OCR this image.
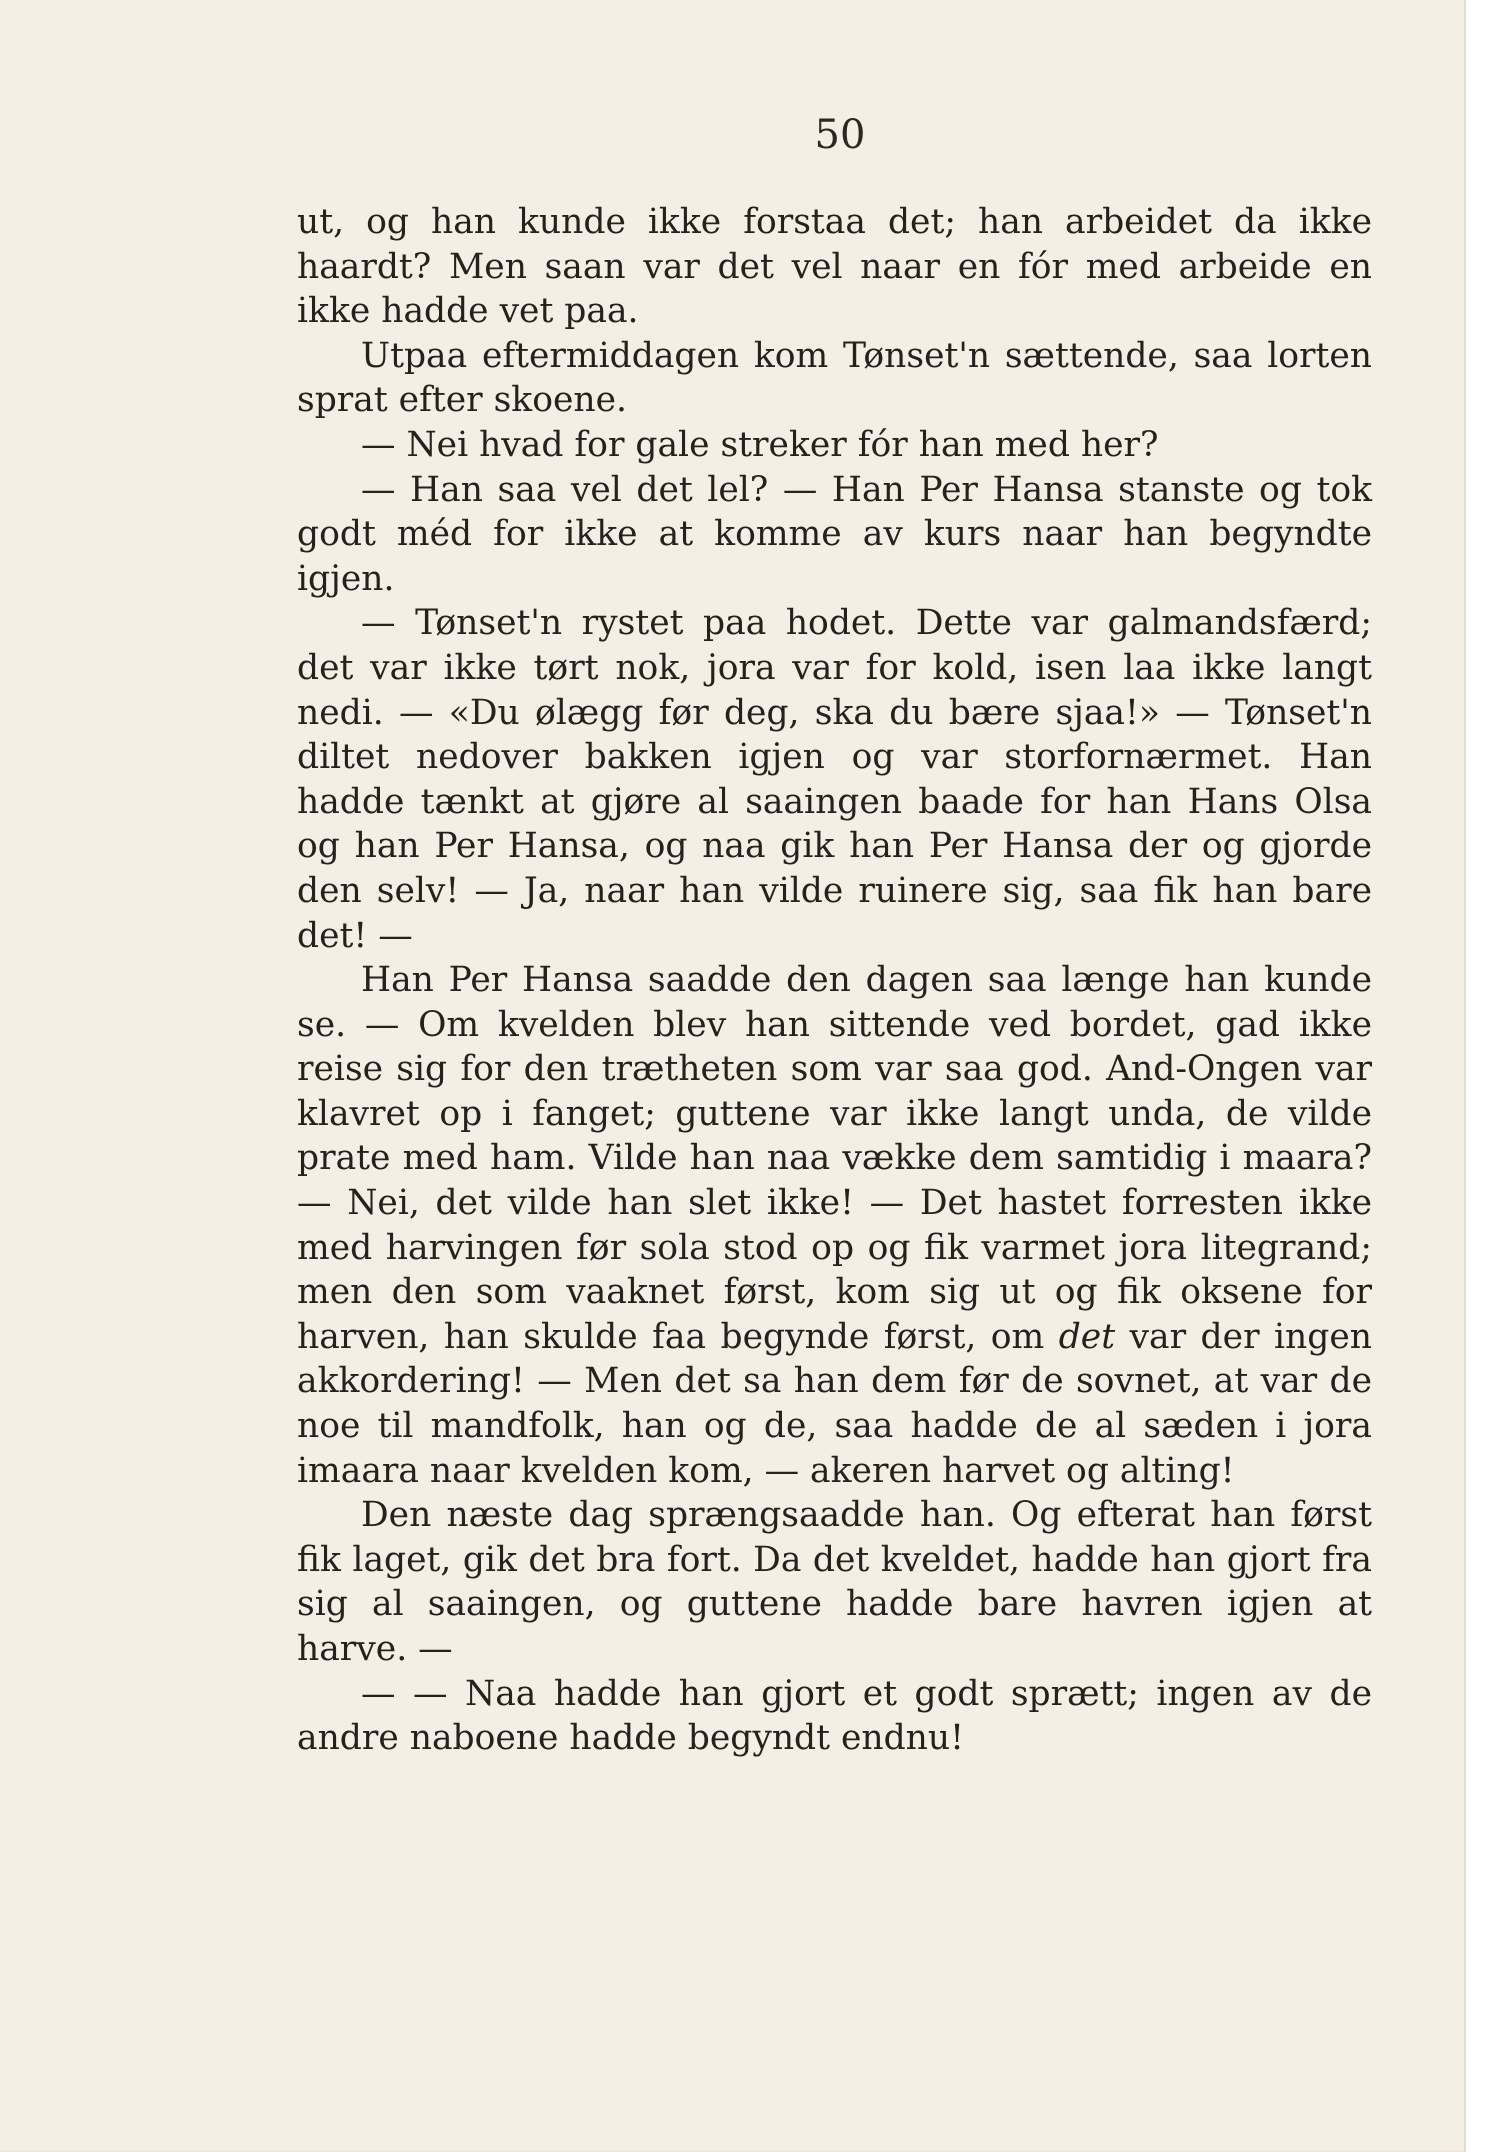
50

ut, og han kunde ikke forstaa det; han arbeidet da ikke haardt? Men saan var det vel naar en fór med arbeide en ikke hadde vet paa.

Utpaa eftermiddagen kom Tønset'n sættende, saa lorten sprat efter skoene.

— Nei hvad for gale streker fór han med her?

— Han saa vel det lel? — Han Per Hansa stanste og tok godt méd for ikke at komme av kurs naar han begyndte igjen.

— Tønset'n rystet paa hodet. Dette var galmandsfærd; det var ikke tørt nok, jora var for kold, isen laa ikke langt nedi. — «Du ølægg før deg, ska du bære sjaa!» — Tønset'n diltet nedover bakken igjen og var storfornærmet. Han hadde tænkt at gjøre al saaingen baade for han Hans Olsa og han Per Hansa, og naa gik han Per Hansa der og gjorde den selv! — Ja, naar han vilde ruinere sig, saa fik han bare det! —

Han Per Hansa saadde den dagen saa længe han kunde se. — Om kvelden blev han sittende ved bordet, gad ikke reise sig for den trætheten som var saa god. And-Ongen var klavret op i fanget; guttene var ikke langt unda, de vilde prate med ham. Vilde han naa vække dem samtidig i maara? — Nei, det vilde han slet ikke! — Det hastet forresten ikke med harvingen før sola stod op og fik varmet jora litegrand; men den som vaaknet først, kom sig ut og fik oksene for harven, han skulde faa begynde først, om det var der ingen akkordering! — Men det sa han dem før de sovnet, at var de noe til mandfolk, han og de, saa hadde de al sæden i jora imaara naar kvelden kom, — akeren harvet og alting!

Den næste dag sprængsaadde han. Og efterat han først fik laget, gik det bra fort. Da det kveldet, hadde han gjort fra sig al saaingen, og guttene hadde bare havren igjen at harve. —

— — Naa hadde han gjort et godt sprætt; ingen av de andre naboene hadde begyndt endnu!
